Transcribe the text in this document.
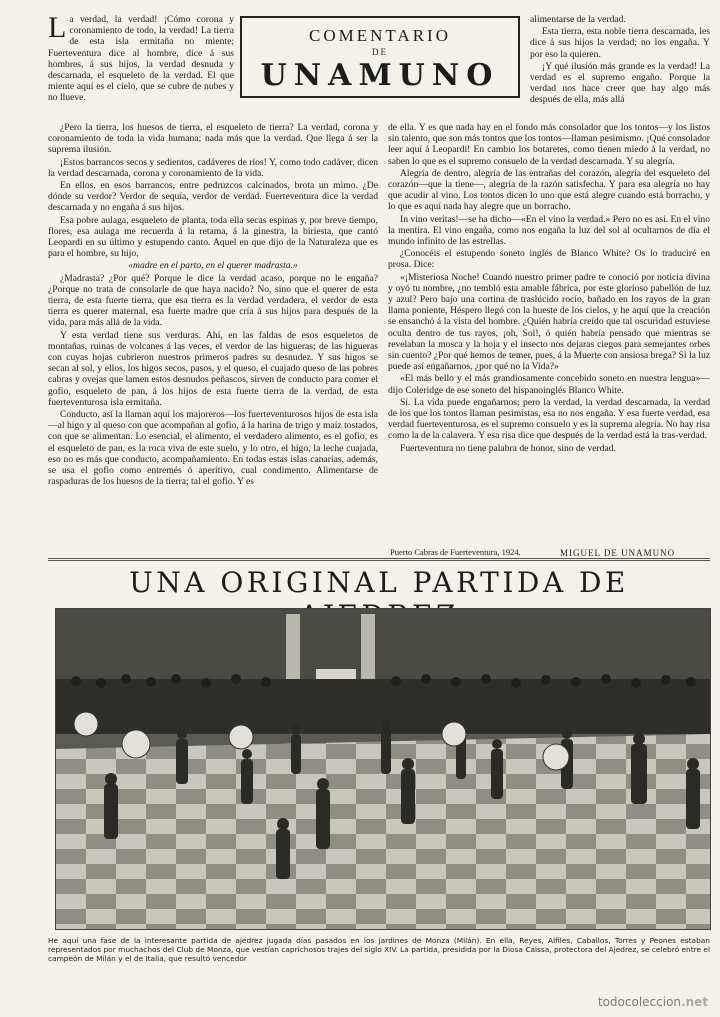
La verdad, la verdad! ¡Cómo corona y coronamiento de todo, la verdad! La tierra de esta isla ermitaña no miente; Fuerteventura dice al hombre, dice á sus hombres, á sus hijos, la verdad desnuda y descarnada, el esqueleto de la verdad. El que miente aquí es el cielo, que se cubre de nubes y no llueve.

COMENTARIO
DE
UNAMUNO

alimentarse de la verdad.

Esta tierra, esta noble tierra descarnada, les dice á sus hijos la verdad; no los engaña. Y por eso la quieren.

¡Y qué ilusión más grande es la verdad! La verdad es el supremo engaño. Porque la verdad nos hace creer que hay algo más después de ella, más allá

¿Pero la tierra, los huesos de tierra, el esqueleto de tierra? La verdad, corona y coronamiento de toda la vida humana; nada más que la verdad. Que llega á ser la suprema ilusión.

¡Estos barrancos secos y sedientos, cadáveres de ríos! Y, como todo cadáver, dicen la verdad descarnada, corona y coronamiento de la vida.

En ellos, en esos barrancos, entre pedruzcos calcinados, brota un mimo. ¿De dónde su verdor? Verdor de sequía, verdor de verdad. Fuerteventura dice la verdad descarnada y no engaña á sus hijos.

Esa pobre aulaga, esqueleto de planta, toda ella secas espinas y, por breve tiempo, flores, esa aulaga me recuerda á la retama, á la ginestra, la biriesta, que cantó Leopardi en su último y estupendo canto. Aquel en que dijo de la Naturaleza que es para el hombre, su hijo,

«madre en el parto, en el querer madrasta.»

¿Madrasta? ¿Por qué? Porque le dice la verdad acaso, porque no le engaña? ¿Porque no trata de consolarle de que haya nacido? No, sino que el querer de esta tierra, de esta fuerte tierra, que esa tierra es la verdad verdadera, el verdor de esta tierra es querer maternal, esa fuerte madre que cría á sus hijos para después de la vida, para más allá de la vida.

Y esta verdad tiene sus verduras. Ahí, en las faldas de esos esqueletos de montañas, ruinas de volcanes á las veces, el verdor de las higueras; de las higueras con cuyas hojas cubrieron nuestros primeros padres su desnudez. Y sus higos se secan al sol, y ellos, los higos secos, pasos, y el queso, el cuajado queso de las pobres cabras y ovejas que lamen estos desnudos peñascos, sirven de conducto para comer el gofio, esqueleto de pan, á los hijos de esta fuerte tierra de la verdad, de esta fuerteventurosa isla ermitaña.

Conducto, así la llaman aquí los majoreros—los fuerteventurosos hijos de esta isla—al higo y al queso con que acompañan al gofio, á la harina de trigo y maíz tostados, con que se alimentan. Lo esencial, el alimento, el verdadero alimento, es el gofio, es el esqueleto de pan, es la roca viva de este suelo, y lo otro, el higo, la leche cuajada, eso no es más que conducto, acompañamiento. En todas estas islas canarias, además, se usa el gofio como entremés ó aperitivo, cual condimento. Alimentarse de raspaduras de los huesos de la tierra; tal el gofio. Y es

de ella. Y es que nada hay en el fondo más consolador que los tontos—y los listos sin talento, que son más tontos que los tontos—llaman pesimismo. ¡Qué consolador leer aquí á Leopardi! En cambio los botaretes, como tienen miedo á la verdad, no saben lo que es el supremo consuelo de la verdad descarnada. Y su alegría.

Alegría de dentro, alegría de las entrañas del corazón, alegría del esqueleto del corazón—que la tiene—, alegría de la razón satisfecha. Y para esa alegría no hay que acudir al vino. Los tontos dicen lo uno que está alegre cuando está borracho, y lo que es aquí nada hay alegre que un borracho.

In vino veritas!—se ha dicho—«En el vino la verdad.» Pero no es así. En el vino la mentira. El vino engaña, como nos engaña la luz del sol al ocultarnos de día el mundo infinito de las estrellas.

¿Conocéis el estupendo soneto inglés de Blanco White? Os lo traduciré en prosa. Dice:

«¡Misteriosa Noche! Cuando nuestro primer padre te conoció por noticia divina y oyó tu nombre, ¿no tembló esta amable fábrica, por este glorioso pabellón de luz y azul? Pero bajo una cortina de traslúcido rocío, bañado en los rayos de la gran llama poniente, Héspero llegó con la hueste de los cielos, y he aquí que la creación se ensanchó á la vista del hombre. ¿Quién habría creído que tal oscuridad estuviese oculta dentro de tus rayos, ¡oh, Sol!, ó quién habría pensado que mientras se revelaban la mosca y la hoja y el insecto nos dejaras ciegos para semejantes orbes sin cuento? ¿Por qué hemos de temer, pues, á la Muerte con ansiosa brega? Si la luz puede así engañarnos, ¿por qué no la Vida?»

«El más bello y el más grandiosamente concebido soneto en nuestra lengua»—dijo Coleridge de ese soneto del hispanoinglés Blanco White.

Sí. La vida puede engañarnos; pero la verdad, la verdad descarnada, la verdad de los que los tontos llaman pesimistas, esa no nos engaña. Y esa fuerte verdad, esa verdad fuerteventurosa, es el supremo consuelo y es la suprema alegría. No hay risa como la de la calavera. Y esa risa dice que después de la verdad está la tras-verdad.

Fuerteventura no tiene palabra de honor, sino de verdad.

Puerto Cabras de Fuerteventura, 1924.	MIGUEL DE UNAMUNO
UNA ORIGINAL PARTIDA DE
He aquí una fase de la interesante partida de ajedrez jugada días pasados en los jardines de Monza (Milán). En ella, Reyes, Alfiles, Caballos, Torres y Peones estaban representados por muchachos del Club de Monza, que vestían caprichosos trajes del siglo XIV. La partida, presidida por la Diosa Caissa, protectora del Ajedrez, se celebró entre el campeón de Milán y el de Italia, que resultó vencedor
todocoleccion.net
